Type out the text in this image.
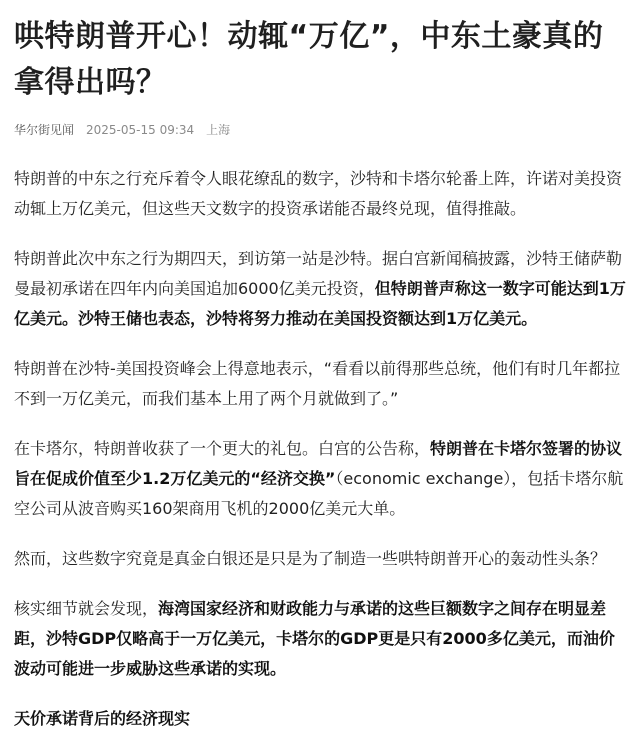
哄特朗普开心！动辄“万亿”，中东土豪真的拿得出吗？
华尔街见闻 2025-05-15 09:34 上海

特朗普的中东之行充斥着令人眼花缭乱的数字，沙特和卡塔尔轮番上阵，许诺对美投资动辄上万亿美元，但这些天文数字的投资承诺能否最终兑现，值得推敲。

特朗普此次中东之行为期四天，到访第一站是沙特。据白宫新闻稿披露，沙特王储萨勒曼最初承诺在四年内向美国追加6000亿美元投资，但特朗普声称这一数字可能达到1万亿美元。沙特王储也表态，沙特将努力推动在美国投资额达到1万亿美元。

特朗普在沙特-美国投资峰会上得意地表示，“看看以前得那些总统，他们有时几年都拉不到一万亿美元，而我们基本上用了两个月就做到了。”

在卡塔尔，特朗普收获了一个更大的礼包。白宫的公告称，特朗普在卡塔尔签署的协议旨在促成价值至少1.2万亿美元的“经济交换”（economic exchange），包括卡塔尔航空公司从波音购买160架商用飞机的2000亿美元大单。

然而，这些数字究竟是真金白银还是只是为了制造一些哄特朗普开心的轰动性头条？

核实细节就会发现，海湾国家经济和财政能力与承诺的这些巨额数字之间存在明显差距，沙特GDP仅略高于一万亿美元，卡塔尔的GDP更是只有2000多亿美元，而油价波动可能进一步威胁这些承诺的实现。

天价承诺背后的经济现实
